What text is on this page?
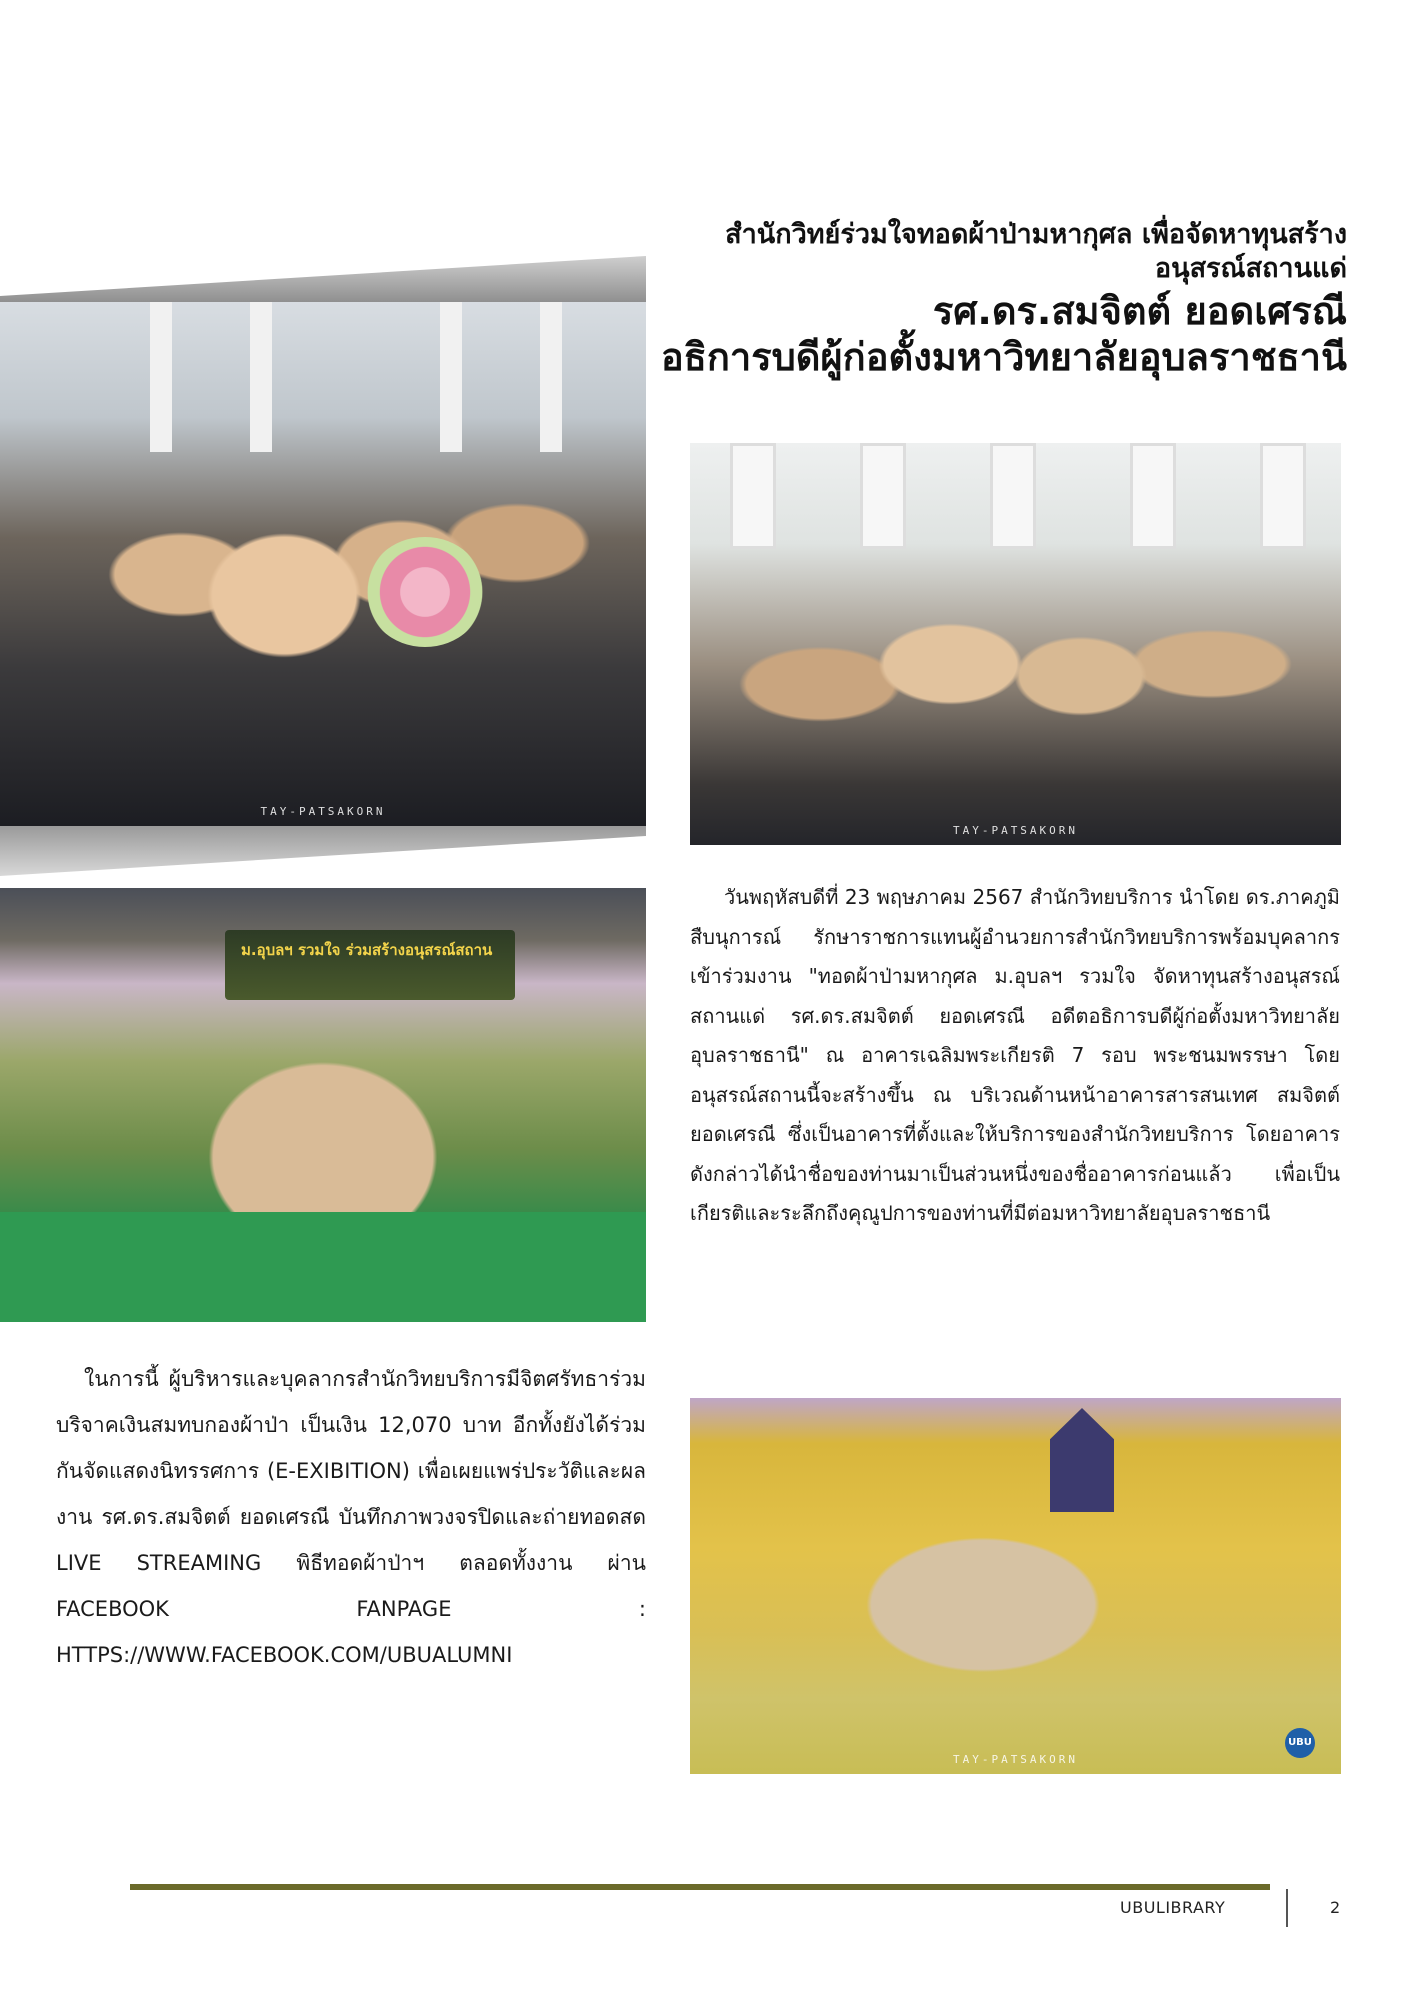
สำนักวิทย์ร่วมใจทอดผ้าป่ามหากุศล เพื่อจัดหาทุนสร้าง
อนุสรณ์สถานแด่
รศ.ดร.สมจิตต์ ยอดเศรณี
อธิการบดีผู้ก่อตั้งมหาวิทยาลัยอุบลราชธานี
TAY-PATSAKORN
TAY-PATSAKORN
ม.อุบลฯ รวมใจ ร่วมสร้างอนุสรณ์สถาน
UBU
TAY-PATSAKORN
วันพฤหัสบดีที่ 23 พฤษภาคม 2567 สำนักวิทยบริการ นำโดย ดร.ภาคภูมิ สืบนุการณ์ รักษาราชการแทนผู้อำนวยการสำนักวิทยบริการพร้อมบุคลากร เข้าร่วมงาน "ทอดผ้าป่ามหากุศล ม.อุบลฯ รวมใจ จัดหาทุนสร้างอนุสรณ์สถานแด่ รศ.ดร.สมจิตต์ ยอดเศรณี อดีตอธิการบดีผู้ก่อตั้งมหาวิทยาลัยอุบลราชธานี" ณ อาคารเฉลิมพระเกียรติ 7 รอบ พระชนมพรรษา โดยอนุสรณ์สถานนี้จะสร้างขึ้น ณ บริเวณด้านหน้าอาคารสารสนเทศ สมจิตต์ ยอดเศรณี ซึ่งเป็นอาคารที่ตั้งและให้บริการของสำนักวิทยบริการ โดยอาคารดังกล่าวได้นำชื่อของท่านมาเป็นส่วนหนึ่งของชื่ออาคารก่อนแล้ว เพื่อเป็นเกียรติและระลึกถึงคุณูปการของท่านที่มีต่อมหาวิทยาลัยอุบลราชธานี
ในการนี้ ผู้บริหารและบุคลากรสำนักวิทยบริการมีจิตศรัทธาร่วมบริจาคเงินสมทบกองผ้าป่า เป็นเงิน 12,070 บาท อีกทั้งยังได้ร่วมกันจัดแสดงนิทรรศการ (E-EXIBITION) เพื่อเผยแพร่ประวัติและผลงาน รศ.ดร.สมจิตต์ ยอดเศรณี บันทึกภาพวงจรปิดและถ่ายทอดสด LIVE STREAMING พิธีทอดผ้าป่าฯ ตลอดทั้งงาน ผ่าน FACEBOOK FANPAGE : HTTPS://WWW.FACEBOOK.COM/UBUALUMNI
UBULIBRARY	2
